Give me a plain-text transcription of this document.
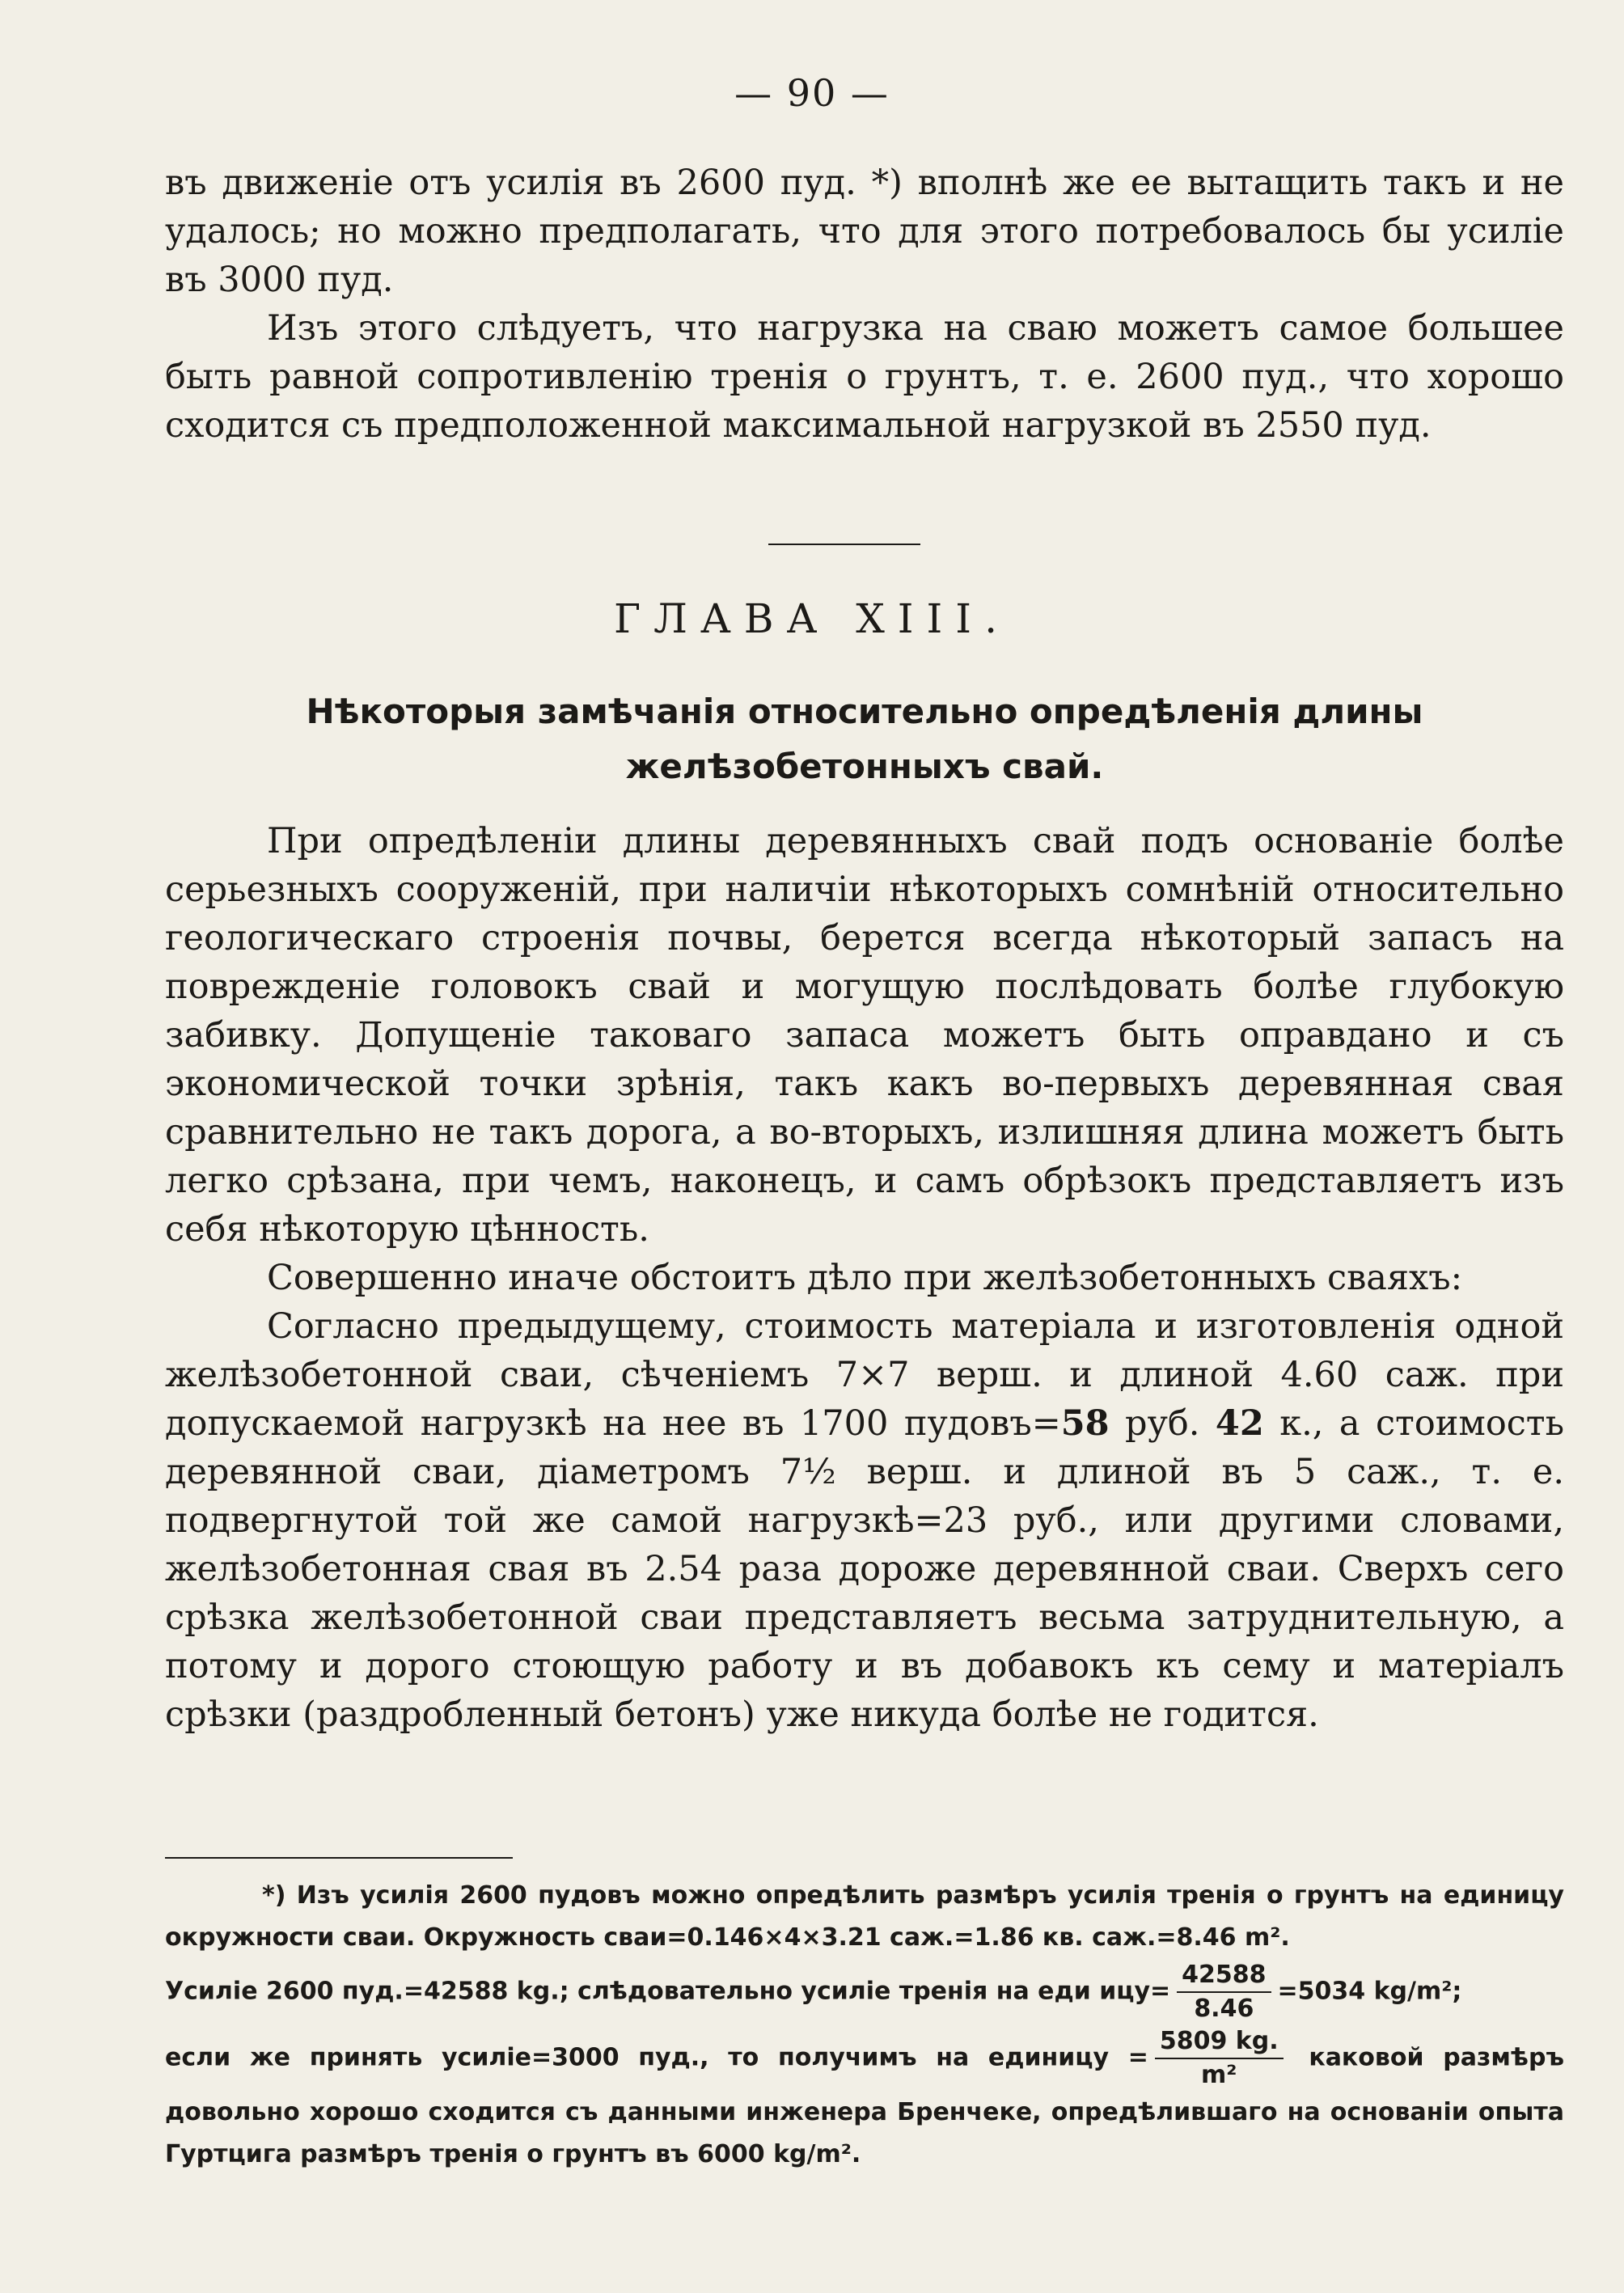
— 90 —

въ движеніе отъ усилія въ 2600 пуд. *) вполнѣ же ее вытащить такъ и не удалось; но можно предполагать, что для этого потребовалось бы усиліе въ 3000 пуд.

Изъ этого слѣдуетъ, что нагрузка на сваю можетъ самое большее быть равной сопротивленію тренія о грунтъ, т. е. 2600 пуд., что хорошо сходится съ предположенной максимальной нагрузкой въ 2550 пуд.

ГЛАВА XIII.
Нѣкоторыя замѣчанія относительно опредѣленія длины желѣзобетонныхъ свай.

При опредѣленіи длины деревянныхъ свай подъ основаніе болѣе серьезныхъ сооруженій, при наличіи нѣкоторыхъ сомнѣній относительно геологическаго строенія почвы, берется всегда нѣкоторый запасъ на поврежденіе головокъ свай и могущую послѣдовать болѣе глубокую забивку. Допущеніе таковаго запаса можетъ быть оправдано и съ экономической точки зрѣнія, такъ какъ во-первыхъ деревянная свая сравнительно не такъ дорога, а во-вторыхъ, излишняя длина можетъ быть легко срѣзана, при чемъ, наконецъ, и самъ обрѣзокъ представляетъ изъ себя нѣкоторую цѣнность.

Совершенно иначе обстоитъ дѣло при желѣзобетонныхъ сваяхъ:

Согласно предыдущему, стоимость матеріала и изготовленія одной желѣзобетонной сваи, сѣченіемъ 7×7 верш. и длиной 4.60 саж. при допускаемой нагрузкѣ на нее въ 1700 пудовъ=58 руб. 42 к., а стоимость деревянной сваи, діаметромъ 7½ верш. и длиной въ 5 саж., т. е. подвергнутой той же самой нагрузкѣ=23 руб., или другими словами, желѣзобетонная свая въ 2.54 раза дороже деревянной сваи. Сверхъ сего срѣзка желѣзобетонной сваи представляетъ весьма затруднительную, а потому и дорого стоющую работу и въ добавокъ къ сему и матеріалъ срѣзки (раздробленный бетонъ) уже никуда болѣе не годится.

*) Изъ усилія 2600 пудовъ можно опредѣлить размѣръ усилія тренія о грунтъ на единицу окружности сваи. Окружность сваи=0.146×4×3.21 саж.=1.86 кв. саж.=8.46 m².

Усиліе 2600 пуд.=42588 kg.; слѣдовательно усиліе тренія на еди $ицу= \frac{42588}{8.46} =5034$ kg/m²;

если же принять усиліе=3000 пуд., то получимъ на единицу = $\frac{5809 kg.}{\text{m²}}$ каковой размѣръ довольно хорошо сходится съ данными инженера Бренчеке, опредѣлившаго на основаніи опыта Гуртцига размѣръ тренія о грунтъ въ 6000 kg/m².
